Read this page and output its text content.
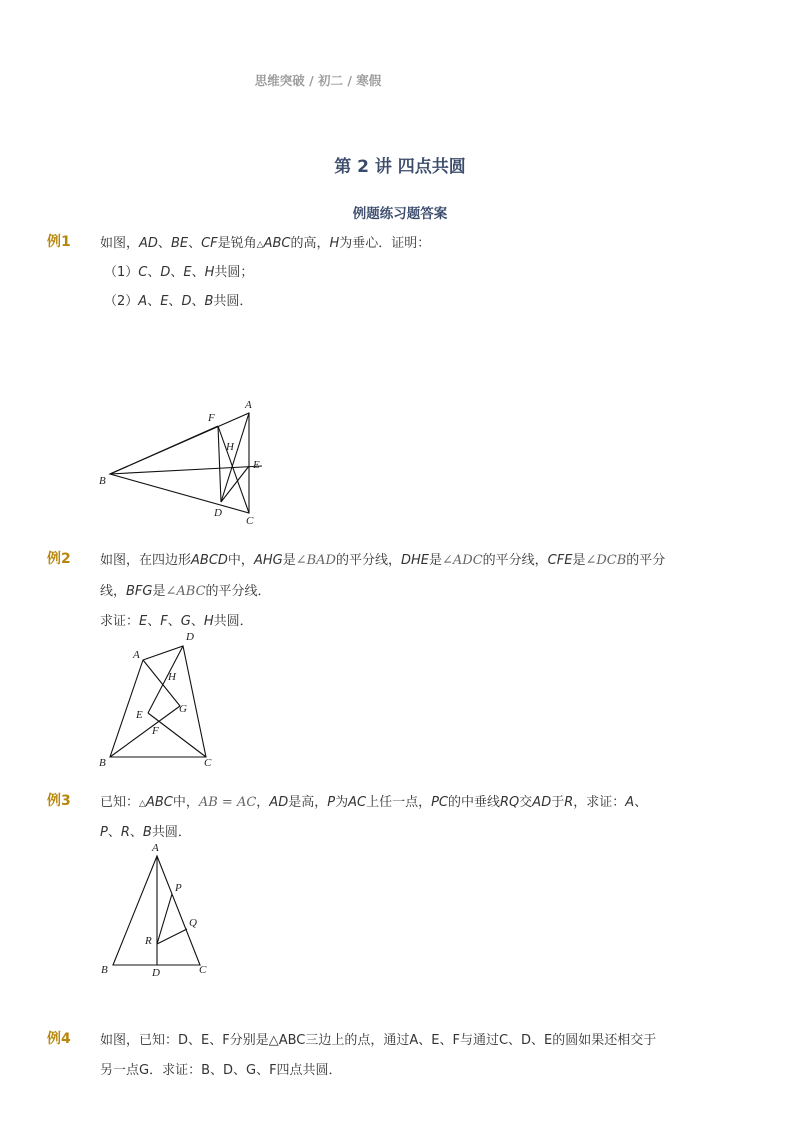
思维突破 / 初二 / 寒假
第 2 讲 四点共圆
例题练习题答案
例1 如图，AD、BE、CF是锐角△ABC的高，H为垂心．证明：
（1）C、D、E、H共圆；
（2）A、E、D、B共圆．
A
B
C
D
E
F
H
例2 如图，在四边形ABCD中，AHG是∠BAD的平分线，DHE是∠ADC的平分线，CFE是∠DCB的平分
线，BFG是∠ABC的平分线．
求证：E、F、G、H共圆．
D
A
H
E	G
F
B	C
例3 已知：△ABC中，AB = AC，AD是高，P为AC上任一点，PC的中垂线RQ交AD于R，求证：A、
P、R、B共圆．
A
P
Q
R
B	D	C
例4 如图，已知：D、E、F分别是△ABC三边上的点，通过A、E、F与通过C、D、E的圆如果还相交于
另一点G．求证：B、D、G、F四点共圆．
